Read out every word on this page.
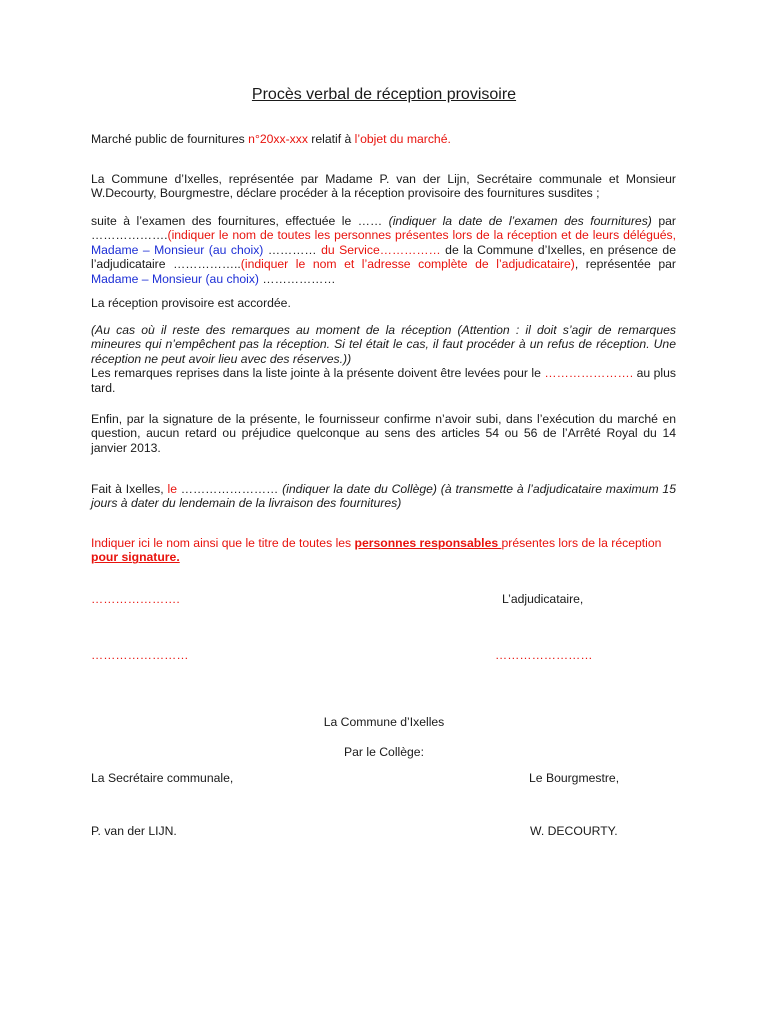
Procès verbal de réception provisoire

Marché public de fournitures n°20xx-xxx relatif à l’objet du marché.

La Commune d’Ixelles, représentée par Madame P. van der Lijn, Secrétaire communale et Monsieur W.Decourty, Bourgmestre, déclare procéder à la réception provisoire des fournitures susdites ;

suite à l’examen des fournitures, effectuée le …… (indiquer la date de l’examen des fournitures) par ……………….(indiquer le nom de toutes les personnes présentes lors de la réception et de leurs délégués, Madame – Monsieur (au choix) ………… du Service…………… de la Commune d’Ixelles, en présence de l’adjudicataire ……………..(indiquer le nom et l’adresse complète de l’adjudicataire), représentée par Madame – Monsieur (au choix) ………………

La réception provisoire est accordée.

(Au cas où il reste des remarques au moment de la réception (Attention : il doit s’agir de remarques mineures qui n’empêchent pas la réception. Si tel était le cas, il faut procéder à un refus de réception. Une réception ne peut avoir lieu avec des réserves.))
Les remarques reprises dans la liste jointe à la présente doivent être levées pour le …………………. au plus tard.

Enfin, par la signature de la présente, le fournisseur confirme n’avoir subi, dans l’exécution du marché en question, aucun retard ou préjudice quelconque au sens des articles 54 ou 56 de l’Arrêté Royal du 14 janvier 2013.

Fait à Ixelles, le …………………… (indiquer la date du Collège) (à transmette à l’adjudicataire maximum 15 jours à dater du lendemain de la livraison des fournitures)

Indiquer ici le nom ainsi que le titre de toutes les personnes responsables présentes lors de la réception pour signature.

………………….	L’adjudicataire,
……………………	……………………
La Commune d’Ixelles
Par le Collège:
La Secrétaire communale,	Le Bourgmestre,
P. van der LIJN.	W. DECOURTY.
